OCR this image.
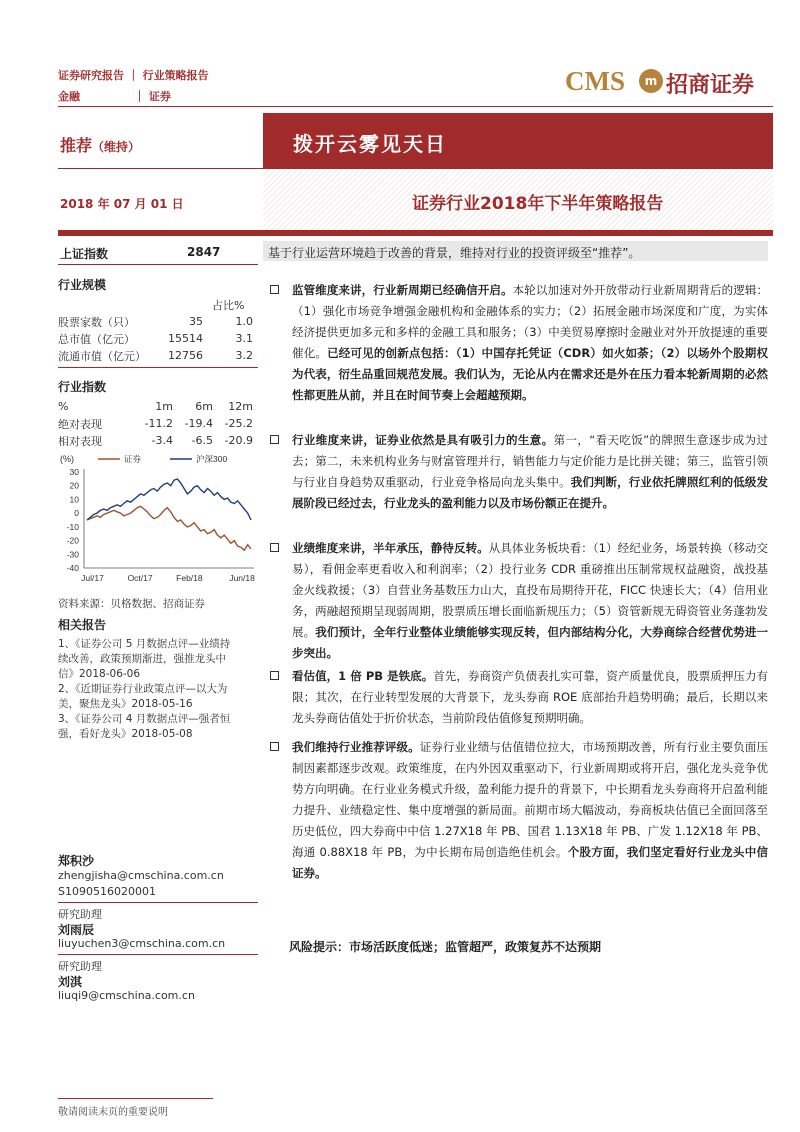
证券研究报告 ｜ 行业策略报告
金融	｜ 证券
CMS	m 招商证券
推荐（维持）	拨开云雾见天日
2018 年 07 月 01 日	证券行业2018年下半年策略报告
上证指数	2847
行业规模
占比%
股票家数（只）	35	1.0
总市值（亿元）	15514	3.1
流通市值（亿元）	12756	3.2
行业指数
%	1m	6m	12m
绝对表现	-11.2	-19.4	-25.2
相对表现	-3.4	-6.5	-20.9
(%)	证券	沪深300
30
20
10
0
-10
-20
-30
-40
Jul/17	Oct/17	Feb/18	Jun/18
资料来源：贝格数据、招商证券
相关报告
1、《证券公司 5 月数据点评—业绩持
续改善，政策预期渐进，强推龙头中
信》2018-06-06
2、《近期证券行业政策点评—以大为
美，聚焦龙头》2018-05-16
3、《证券公司 4 月数据点评—强者恒
强，看好龙头》2018-05-08
郑积沙
zhengjisha@cmschina.com.cn
S1090516020001
研究助理
刘雨辰
liuyuchen3@cmschina.com.cn
研究助理
刘淇
liuqi9@cmschina.com.cn
基于行业运营环境趋于改善的背景，维持对行业的投资评级至“推荐”。
监管维度来讲，行业新周期已经确信开启。本轮以加速对外开放带动行业新周期背后的逻辑：（1）强化市场竞争增强金融机构和金融体系的实力；（2）拓展金融市场深度和广度，为实体经济提供更加多元和多样的金融工具和服务；（3）中美贸易摩擦时金融业对外开放提速的重要催化。已经可见的创新点包括：（1）中国存托凭证（CDR）如火如荼；（2）以场外个股期权为代表，衍生品重回规范发展。我们认为，无论从内在需求还是外在压力看本轮新周期的必然性都更胜从前，并且在时间节奏上会超越预期。
行业维度来讲，证券业依然是具有吸引力的生意。第一，“看天吃饭”的牌照生意逐步成为过去；第二，未来机构业务与财富管理并行，销售能力与定价能力是比拼关键；第三，监管引领与行业自身趋势双重驱动，行业竞争格局向龙头集中。我们判断，行业依托牌照红利的低级发展阶段已经过去，行业龙头的盈利能力以及市场份额正在提升。
业绩维度来讲，半年承压，静待反转。从具体业务板块看：（1）经纪业务，场景转换（移动交易），看佣金率更看收入和利润率；（2）投行业务 CDR 重磅推出压制常规权益融资，战投基金火线救援；（3）自营业务基数压力山大，直投布局期待开花，FICC 快速长大；（4）信用业务，两融超预期呈现弱周期，股票质压增长面临新规压力；（5）资管新规无碍资管业务蓬勃发展。我们预计，全年行业整体业绩能够实现反转，但内部结构分化，大券商综合经营优势进一步突出。
看估值，1 倍 PB 是铁底。首先，券商资产负债表扎实可靠，资产质量优良，股票质押压力有限；其次，在行业转型发展的大背景下，龙头券商 ROE 底部抬升趋势明确；最后，长期以来龙头券商估值处于折价状态，当前阶段估值修复预期明确。
我们维持行业推荐评级。证券行业业绩与估值错位拉大，市场预期改善，所有行业主要负面压制因素都逐步改观。政策维度，在内外因双重驱动下，行业新周期或将开启，强化龙头竞争优势方向明确。在行业业务模式升级，盈利能力提升的背景下，中长期看龙头券商将开启盈利能力提升、业绩稳定性、集中度增强的新局面。前期市场大幅波动，券商板块估值已全面回落至历史低位，四大券商中中信 1.27X18 年 PB、国君 1.13X18 年 PB、广发 1.12X18 年 PB、海通 0.88X18 年 PB，为中长期布局创造绝佳机会。个股方面，我们坚定看好行业龙头中信证券。
风险提示：市场活跃度低迷；监管超严，政策复苏不达预期
敬请阅读末页的重要说明
